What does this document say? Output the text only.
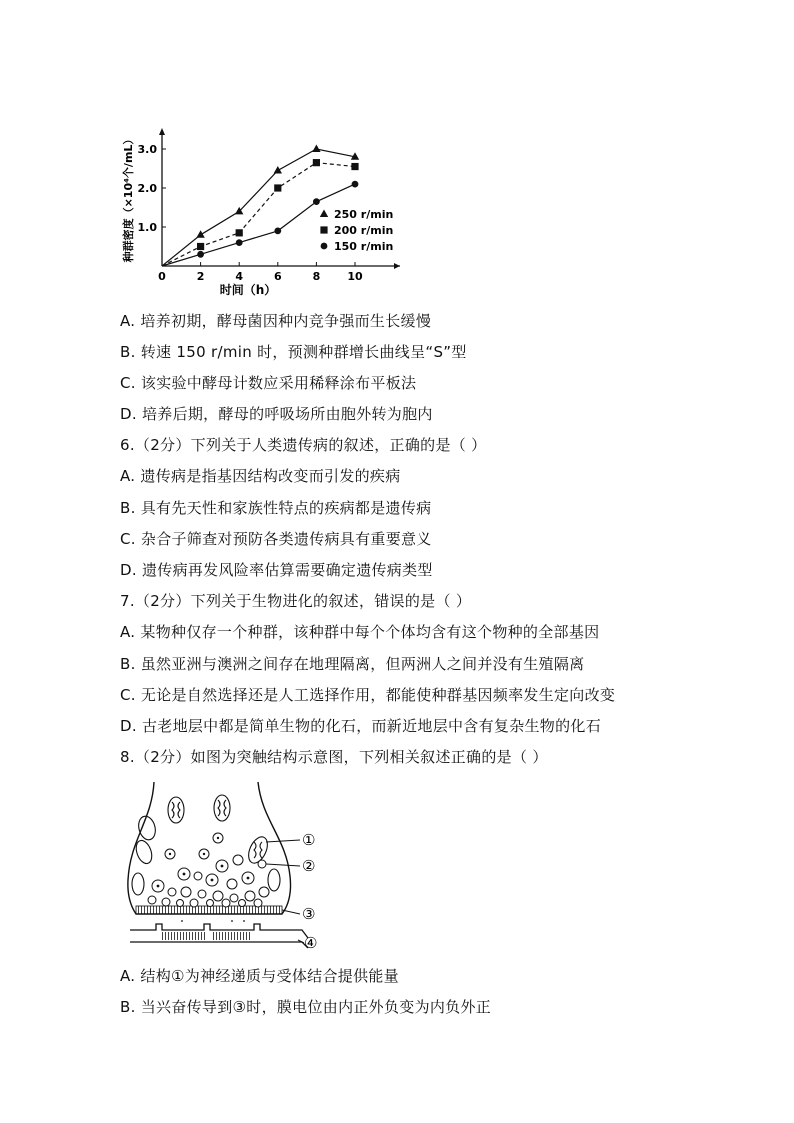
种群密度（×10⁴个/mL）
0	2	4	6	8 10
1.0
2.0
3.0
时间（h）
250 r/min
200 r/min
150 r/min
A. 培养初期，酵母菌因种内竞争强而生长缓慢
B. 转速 150 r/min 时，预测种群增长曲线呈“S”型
C. 该实验中酵母计数应采用稀释涂布平板法
D. 培养后期，酵母的呼吸场所由胞外转为胞内
6.（2分）下列关于人类遗传病的叙述，正确的是（ ）
A. 遗传病是指基因结构改变而引发的疾病
B. 具有先天性和家族性特点的疾病都是遗传病
C. 杂合子筛查对预防各类遗传病具有重要意义
D. 遗传病再发风险率估算需要确定遗传病类型
7.（2分）下列关于生物进化的叙述，错误的是（ ）
A. 某物种仅存一个种群，该种群中每个个体均含有这个物种的全部基因
B. 虽然亚洲与澳洲之间存在地理隔离，但两洲人之间并没有生殖隔离
C. 无论是自然选择还是人工选择作用，都能使种群基因频率发生定向改变
D. 古老地层中都是简单生物的化石，而新近地层中含有复杂生物的化石
8.（2分）如图为突触结构示意图，下列相关叙述正确的是（ ）
①
②
③
④
A. 结构①为神经递质与受体结合提供能量
B. 当兴奋传导到③时，膜电位由内正外负变为内负外正
